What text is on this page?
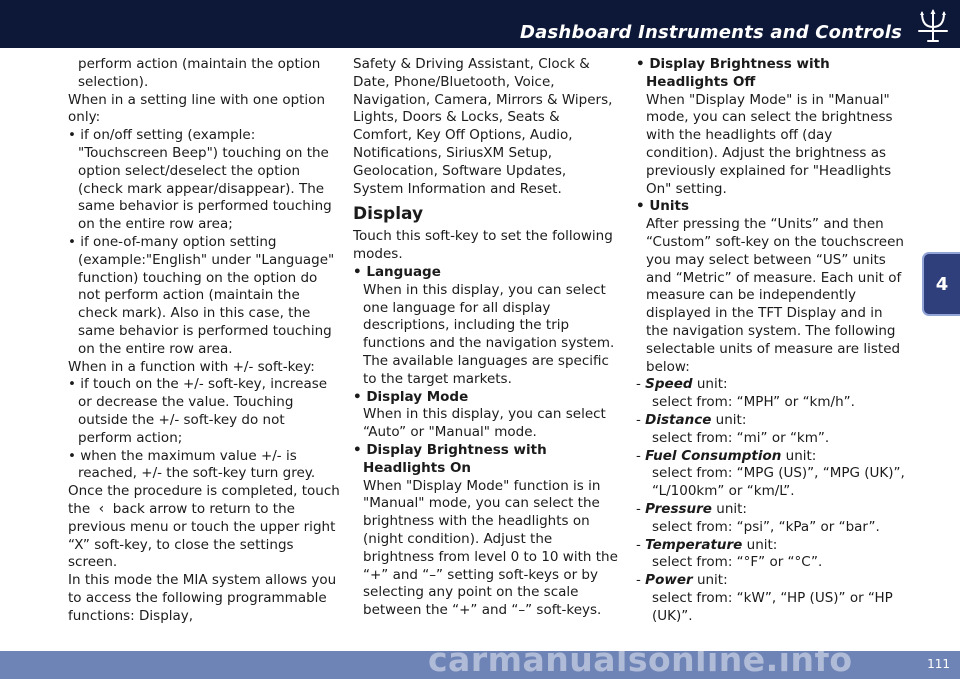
Dashboard Instruments and Controls
4

perform action (maintain the option selection).

When in a setting line with one option only:

• if on/off setting (example: "Touchscreen Beep") touching on the option select/deselect the option (check mark appear/disappear). The same behavior is performed touching on the entire row area;

• if one-of-many option setting (example:"English" under "Language" function) touching on the option do not perform action (maintain the check mark). Also in this case, the same behavior is performed touching on the entire row area.

When in a function with +/- soft-key:

• if touch on the +/- soft-key, increase or decrease the value. Touching outside the +/- soft-key do not perform action;

• when the maximum value +/- is reached, +/- the soft-key turn grey.

Once the procedure is completed, touch the ‹ back arrow to return to the previous menu or touch the upper right “X” soft-key, to close the settings screen.

In this mode the MIA system allows you to access the following programmable functions: Display,

Safety & Driving Assistant, Clock & Date, Phone/Bluetooth, Voice, Navigation, Camera, Mirrors & Wipers, Lights, Doors & Locks, Seats & Comfort, Key Off Options, Audio, Notifications, SiriusXM Setup, Geolocation, Software Updates, System Information and Reset.

Display

Touch this soft-key to set the following modes.

• Language

When in this display, you can select one language for all display descriptions, including the trip functions and the navigation system. The available languages are specific to the target markets.

• Display Mode

When in this display, you can select “Auto” or "Manual" mode.

• Display Brightness with Headlights On

When "Display Mode" function is in "Manual" mode, you can select the brightness with the headlights on (night condition). Adjust the brightness from level 0 to 10 with the “+” and “–” setting soft-keys or by selecting any point on the scale between the “+” and “–” soft-keys.

• Display Brightness with Headlights Off

When "Display Mode" is in "Manual" mode, you can select the brightness with the headlights off (day condition). Adjust the brightness as previously explained for "Headlights On" setting.

• Units

After pressing the “Units” and then “Custom” soft-key on the touchscreen you may select between “US” units and “Metric” of measure. Each unit of measure can be independently displayed in the TFT Display and in the navigation system. The following selectable units of measure are listed below:

- Speed unit:

select from: “MPH” or “km/h”.

- Distance unit:

select from: “mi” or “km”.

- Fuel Consumption unit:

select from: “MPG (US)”, “MPG (UK)”, “L/100km” or “km/L”.

- Pressure unit:

select from: “psi”, “kPa” or “bar”.

- Temperature unit:

select from: “°F” or “°C”.

- Power unit:

select from: “kW”, “HP (US)” or “HP (UK)”.

111
carmanualsonline.info
